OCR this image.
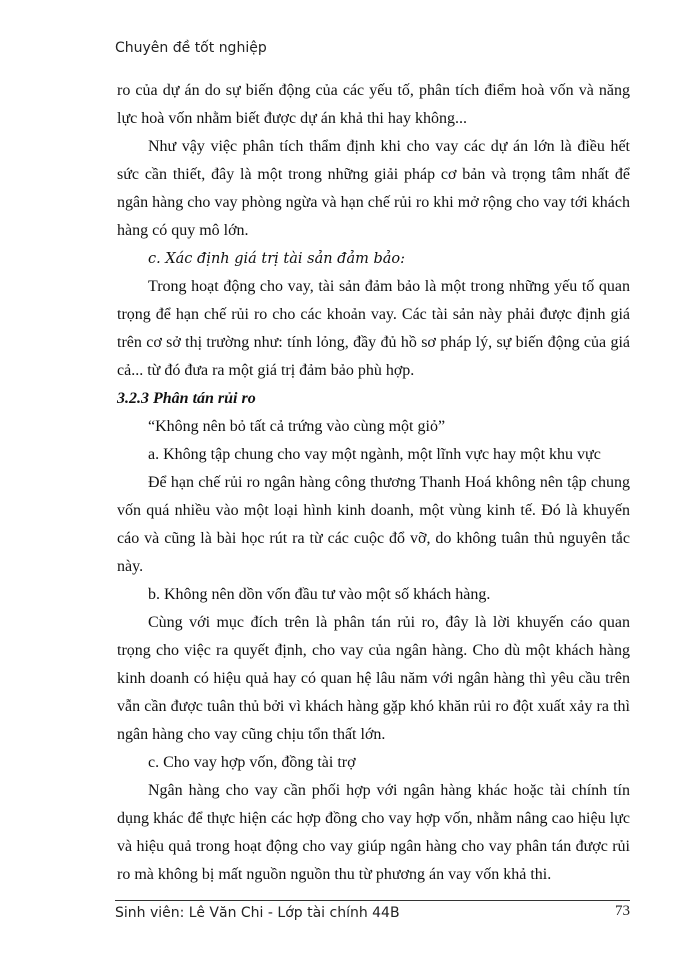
Chuyên đề tốt nghiệp

ro của dự án do sự biến động của các yếu tố, phân tích điểm hoà vốn và năng lực hoà vốn nhằm biết được dự án khả thi hay không...

Như vậy việc phân tích thẩm định khi cho vay các dự án lớn là điều hết sức cần thiết, đây là một trong những giải pháp cơ bản và trọng tâm nhất để ngân hàng cho vay phòng ngừa và hạn chế rủi ro khi mở rộng cho vay tới khách hàng có quy mô lớn.

c. Xác định giá trị tài sản đảm bảo:

Trong hoạt động cho vay, tài sản đảm bảo là một trong những yếu tố quan trọng để hạn chế rủi ro cho các khoản vay. Các tài sản này phải được định giá trên cơ sở thị trường như: tính lỏng, đầy đủ hồ sơ pháp lý, sự biến động của giá cả... từ đó đưa ra một giá trị đảm bảo phù hợp.

3.2.3 Phân tán rủi ro

“Không nên bỏ tất cả trứng vào cùng một giỏ”

a. Không tập chung cho vay một ngành, một lĩnh vực hay một khu vực

Để hạn chế rủi ro ngân hàng công thương Thanh Hoá không nên tập chung vốn quá nhiều vào một loại hình kinh doanh, một vùng kinh tế. Đó là khuyến cáo và cũng là bài học rút ra từ các cuộc đổ vỡ, do không tuân thủ nguyên tắc này.

b. Không nên dồn vốn đầu tư vào một số khách hàng.

Cùng với mục đích trên là phân tán rủi ro, đây là lời khuyến cáo quan trọng cho việc ra quyết định, cho vay của ngân hàng. Cho dù một khách hàng kinh doanh có hiệu quả hay có quan hệ lâu năm với ngân hàng thì yêu cầu trên vẫn cần được tuân thủ bởi vì khách hàng gặp khó khăn rủi ro đột xuất xảy ra thì ngân hàng cho vay cũng chịu tổn thất lớn.

c. Cho vay hợp vốn, đồng tài trợ

Ngân hàng cho vay cần phối hợp với ngân hàng khác hoặc tài chính tín dụng khác để thực hiện các hợp đồng cho vay hợp vốn, nhằm nâng cao hiệu lực và hiệu quả trong hoạt động cho vay giúp ngân hàng cho vay phân tán được rủi ro mà không bị mất nguồn nguồn thu từ phương án vay vốn khả thi.

Sinh viên: Lê Văn Chi - Lớp tài chính 44B	73
